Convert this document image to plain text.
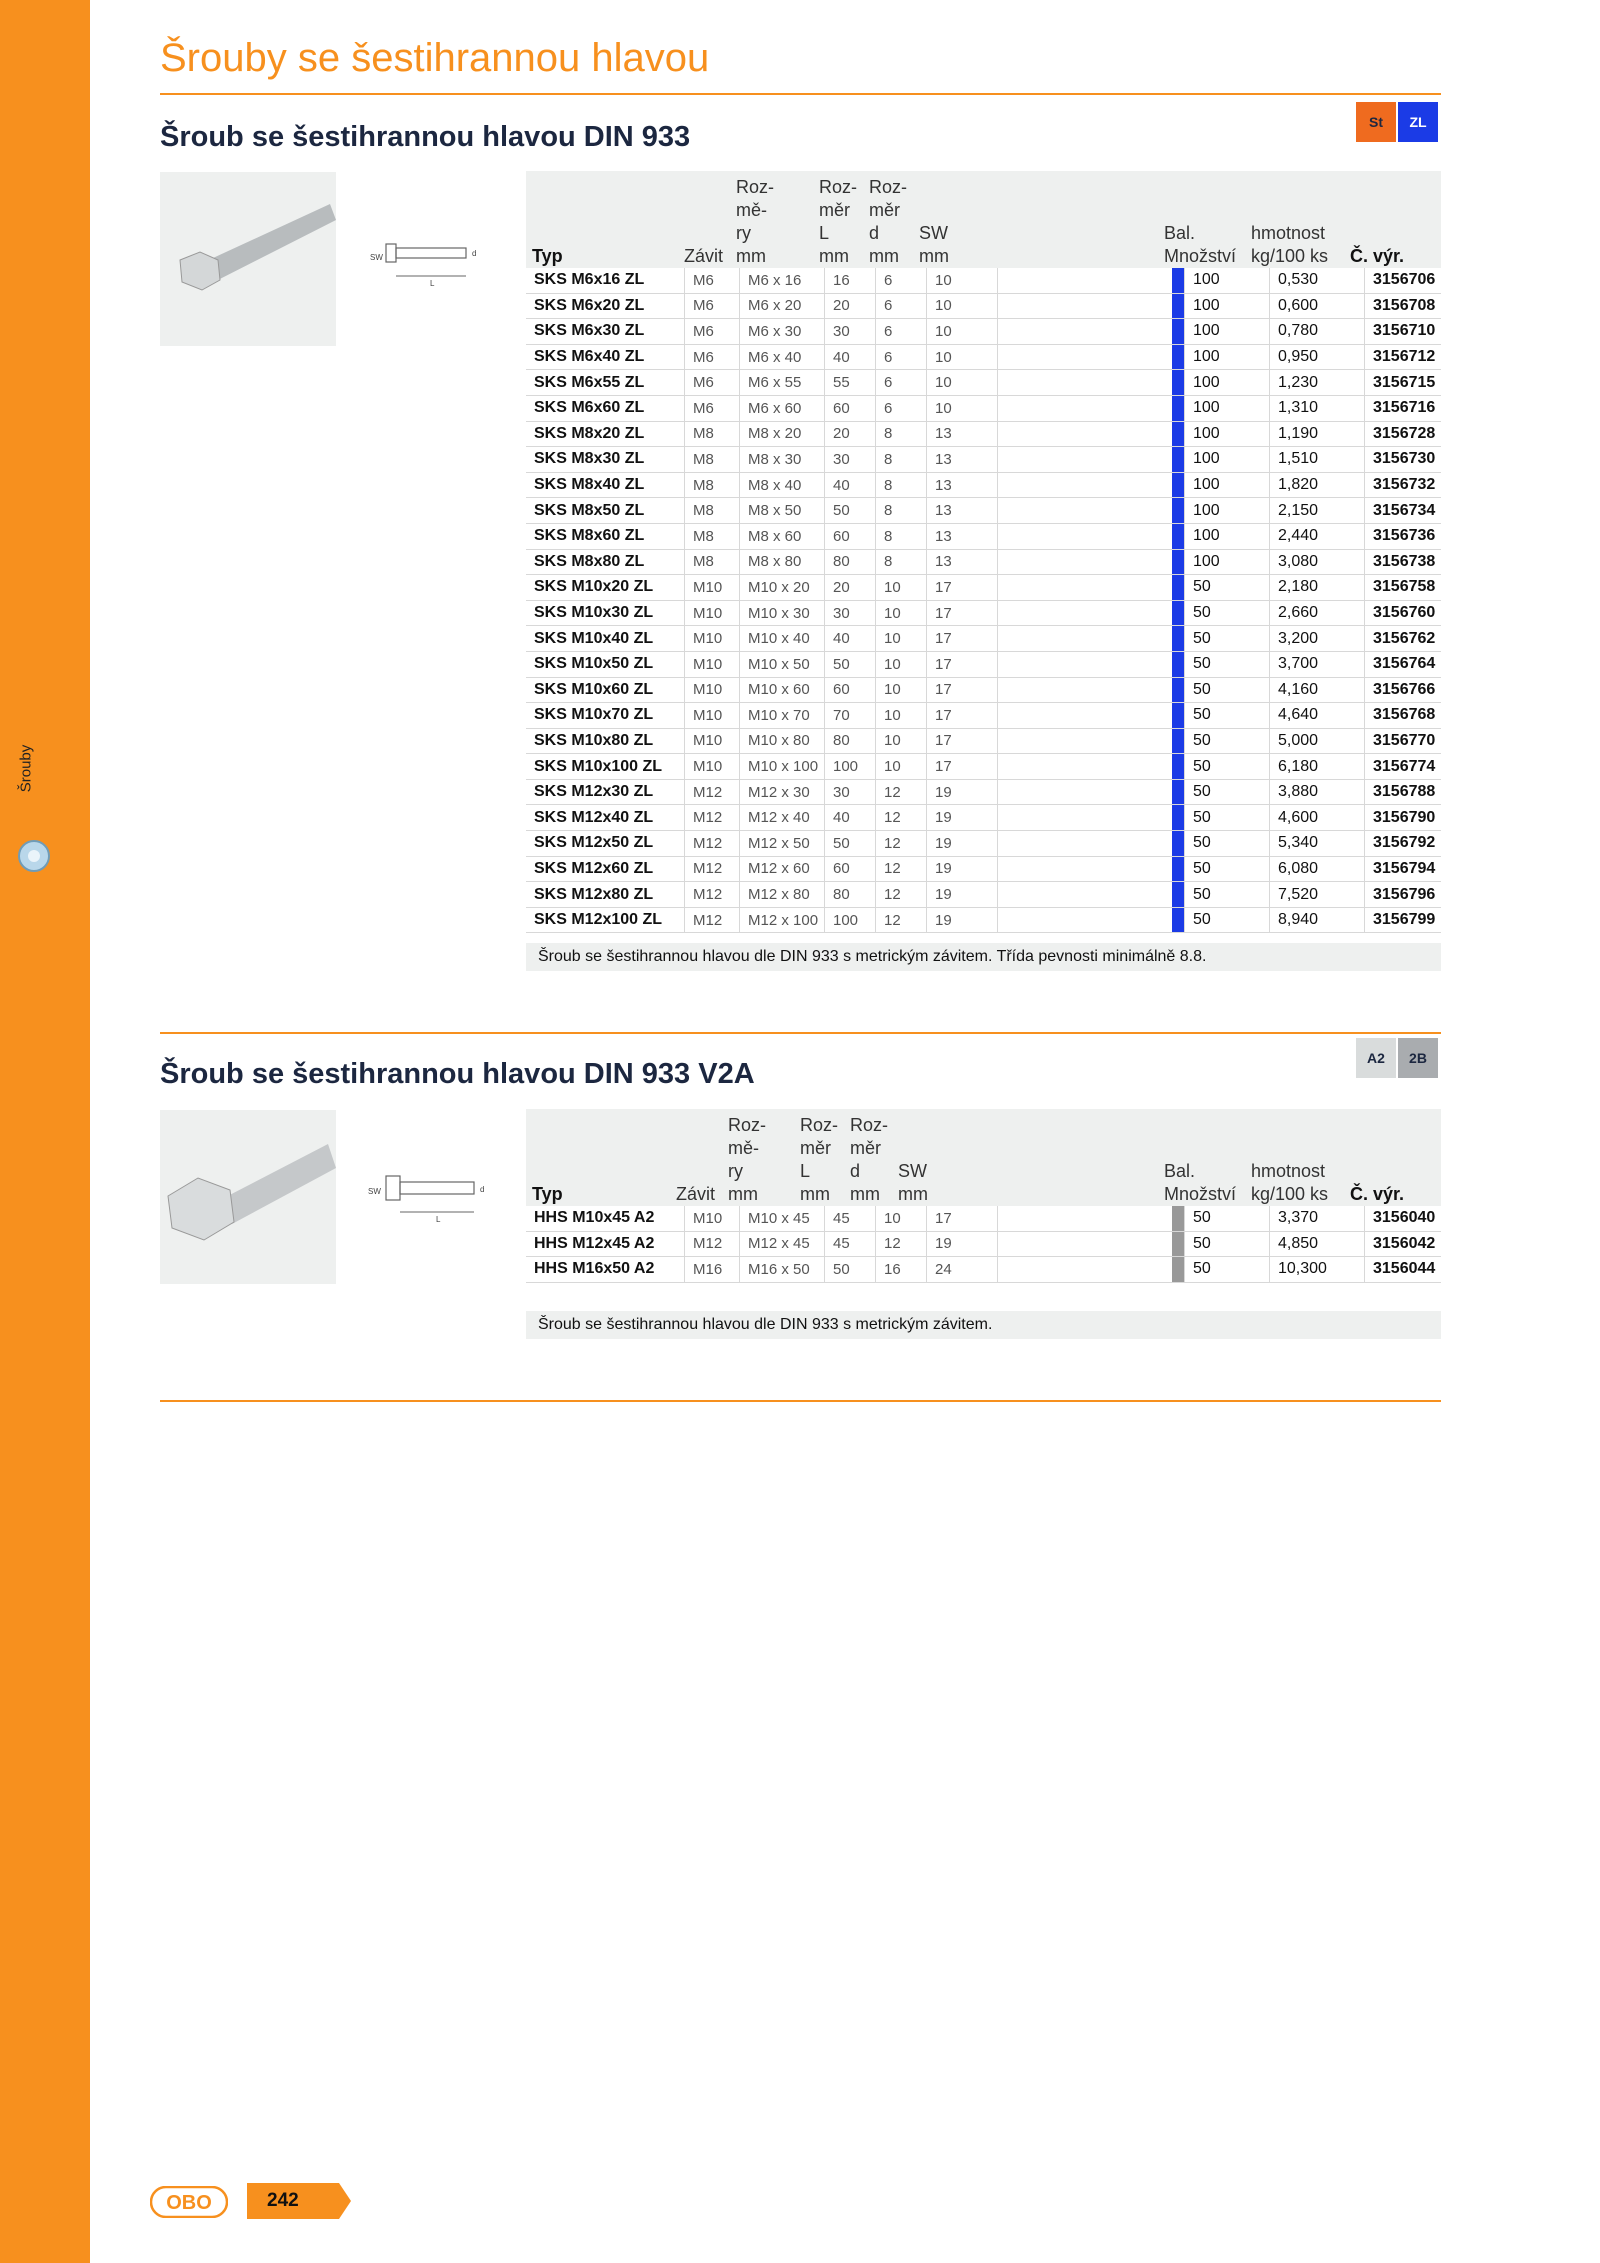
Šrouby
Šrouby se šestihrannou hlavou
Šroub se šestihrannou hlavou DIN 933	St	ZL
SW	d
L
Roz-
mě-
ry
mm
Roz-
měr
L
mm
Roz-
měr
d
mm
SW
mm
Typ	Závit
Bal.
Množství
hmotnost
kg/100 ks Č. výr.
SKS M6x16 ZL	M6	M6 x 16	16	6	10			100	0,530	3156706
SKS M6x20 ZL	M6	M6 x 20	20	6	10			100	0,600	3156708
SKS M6x30 ZL	M6	M6 x 30	30	6	10			100	0,780	3156710
SKS M6x40 ZL	M6	M6 x 40	40	6	10			100	0,950	3156712
SKS M6x55 ZL	M6	M6 x 55	55	6	10			100	1,230	3156715
SKS M6x60 ZL	M6	M6 x 60	60	6	10			100	1,310	3156716
SKS M8x20 ZL	M8	M8 x 20	20	8	13			100	1,190	3156728
SKS M8x30 ZL	M8	M8 x 30	30	8	13			100	1,510	3156730
SKS M8x40 ZL	M8	M8 x 40	40	8	13			100	1,820	3156732
SKS M8x50 ZL	M8	M8 x 50	50	8	13			100	2,150	3156734
SKS M8x60 ZL	M8	M8 x 60	60	8	13			100	2,440	3156736
SKS M8x80 ZL	M8	M8 x 80	80	8	13			100	3,080	3156738
SKS M10x20 ZL	M10	M10 x 20	20	10	17			50	2,180	3156758
SKS M10x30 ZL	M10	M10 x 30	30	10	17			50	2,660	3156760
SKS M10x40 ZL	M10	M10 x 40	40	10	17			50	3,200	3156762
SKS M10x50 ZL	M10	M10 x 50	50	10	17			50	3,700	3156764
SKS M10x60 ZL	M10	M10 x 60	60	10	17			50	4,160	3156766
SKS M10x70 ZL	M10	M10 x 70	70	10	17			50	4,640	3156768
SKS M10x80 ZL	M10	M10 x 80	80	10	17			50	5,000	3156770
SKS M10x100 ZL	M10	M10 x 100	100	10	17			50	6,180	3156774
SKS M12x30 ZL	M12	M12 x 30	30	12	19			50	3,880	3156788
SKS M12x40 ZL	M12	M12 x 40	40	12	19			50	4,600	3156790
SKS M12x50 ZL	M12	M12 x 50	50	12	19			50	5,340	3156792
SKS M12x60 ZL	M12	M12 x 60	60	12	19			50	6,080	3156794
SKS M12x80 ZL	M12	M12 x 80	80	12	19			50	7,520	3156796
SKS M12x100 ZL	M12	M12 x 100	100	12	19			50	8,940	3156799
Šroub se šestihrannou hlavou dle DIN 933 s metrickým závitem. Třída pevnosti minimálně 8.8.
Šroub se šestihrannou hlavou DIN 933 V2A	A2	2B
SW	d
L
Roz-
mě-
ry
mm
Roz-
měr
L
mm
Roz-
měr
d
mm
SW
mm
Typ	Závit
Bal.
Množství
hmotnost
kg/100 ks Č. výr.
HHS M10x45 A2	M10	M10 x 45	45	10	17			50	3,370	3156040
HHS M12x45 A2	M12	M12 x 45	45	12	19			50	4,850	3156042
HHS M16x50 A2	M16	M16 x 50	50	16	24			50	10,300	3156044
Šroub se šestihrannou hlavou dle DIN 933 s metrickým závitem.
OBO	242
